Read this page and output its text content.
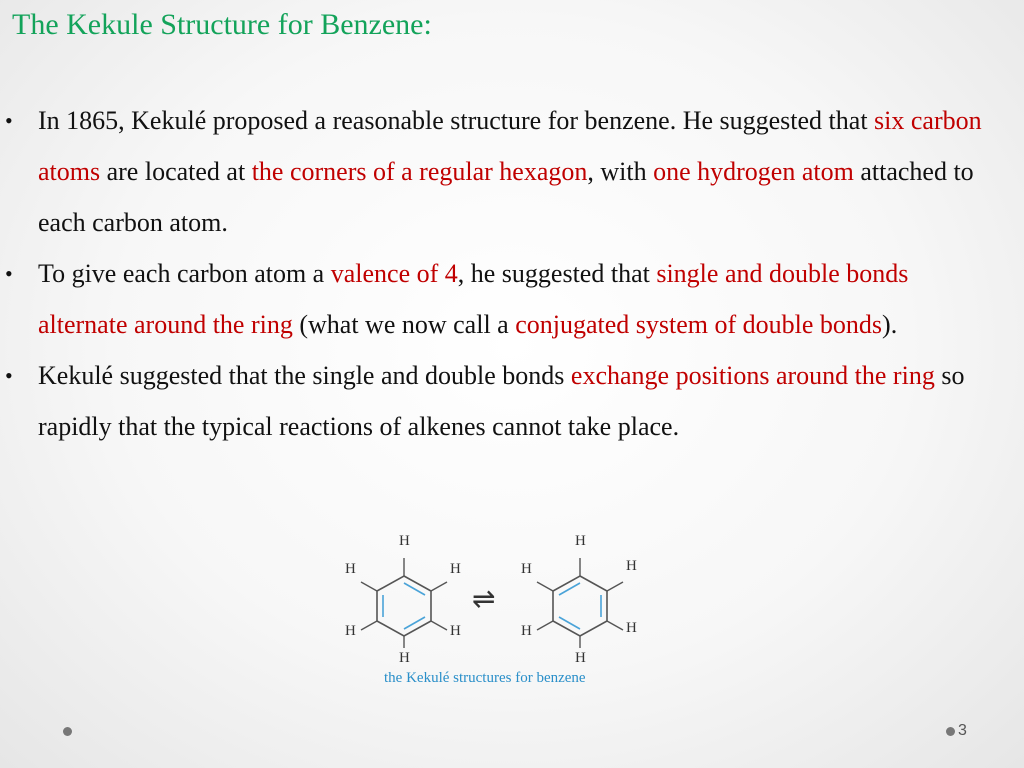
The Kekule Structure for Benzene:
• In 1865, Kekulé proposed a reasonable structure for benzene. He suggested that six carbon atoms are located at the corners of a regular hexagon, with one hydrogen atom attached to each carbon atom.
• To give each carbon atom a valence of 4, he suggested that single and double bonds alternate around the ring (what we now call a conjugated system of double bonds).
• Kekulé suggested that the single and double bonds exchange positions around the ring so rapidly that the typical reactions of alkenes cannot take place.
H
H
H
H
H
H
⇌
H
H
H
H
H
H
the Kekulé structures for benzene
3
